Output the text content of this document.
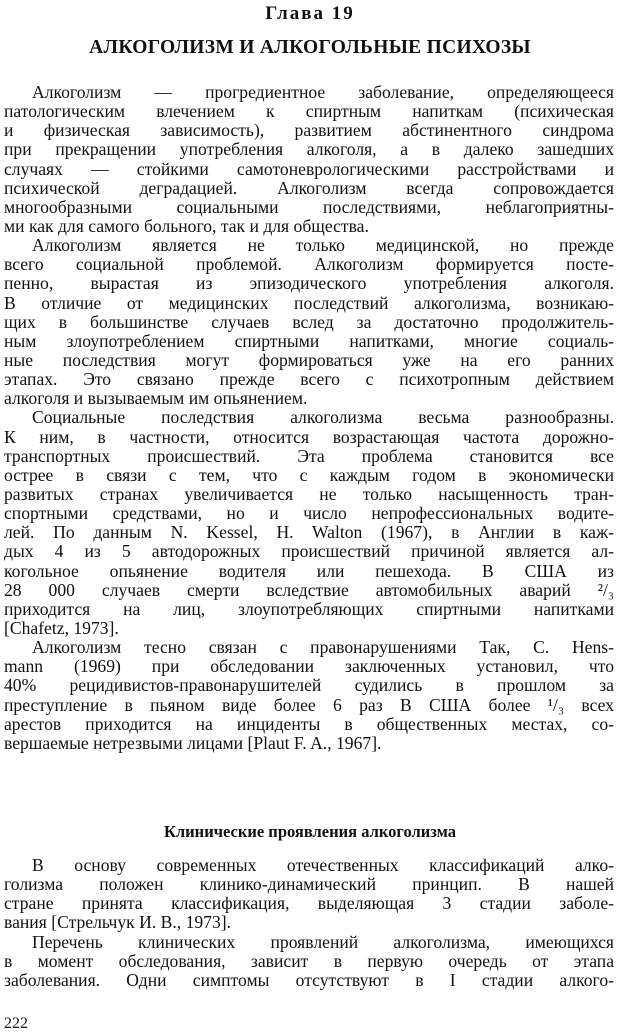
Глава 19
АЛКОГОЛИЗМ И АЛКОГОЛЬНЫЕ ПСИХОЗЫ
Алкоголизм — прогредиентное заболевание, определяющееся
патологическим влечением к спиртным напиткам (психическая
и физическая зависимость), развитием абстинентного синдрома
при прекращении употребления алкоголя, а в далеко зашедших
случаях — стойкими самотоневрологическими расстройствами и
психической деградацией. Алкоголизм всегда сопровождается
многообразными социальными последствиями, неблагоприятны-
ми как для самого больного, так и для общества.
Алкоголизм является не только медицинской, но прежде
всего социальной проблемой. Алкоголизм формируется посте-
пенно, вырастая из эпизодического употребления алкоголя.
В отличие от медицинских последствий алкоголизма, возникаю-
щих в большинстве случаев вслед за достаточно продолжитель-
ным злоупотреблением спиртными напитками, многие социаль-
ные последствия могут формироваться уже на его ранних
этапах. Это связано прежде всего с психотропным действием
алкоголя и вызываемым им опьянением.
Социальные последствия алкоголизма весьма разнообразны.
К ним, в частности, относится возрастающая частота дорожно-
транспортных происшествий. Эта проблема становится все
острее в связи с тем, что с каждым годом в экономически
развитых странах увеличивается не только насыщенность тран-
спортными средствами, но и число непрофессиональных водите-
лей. По данным N. Kessel, H. Walton (1967), в Англии в каж-
дых 4 из 5 автодорожных происшествий причиной является ал-
когольное опьянение водителя или пешехода. В США из
28 000 случаев смерти вследствие автомобильных аварий ²/₃
приходится на лиц, злоупотребляющих спиртными напитками
[Chafetz, 1973].
Алкоголизм тесно связан с правонарушениями Так, C. Hens-
mann (1969) при обследовании заключенных установил, что
40% рецидивистов-правонарушителей судились в прошлом за
преступление в пьяном виде более 6 раз В США более ¹/₃ всех
арестов приходится на инциденты в общественных местах, со-
вершаемые нетрезвыми лицами [Plaut F. A., 1967].
Клинические проявления алкоголизма
В основу современных отечественных классификаций алко-
голизма положен клинико-динамический принцип. В нашей
стране принята классификация, выделяющая 3 стадии заболе-
вания [Стрельчук И. В., 1973].
Перечень клинических проявлений алкоголизма, имеющихся
в момент обследования, зависит в первую очередь от этапа
заболевания. Одни симптомы отсутствуют в I стадии алкого-
222
